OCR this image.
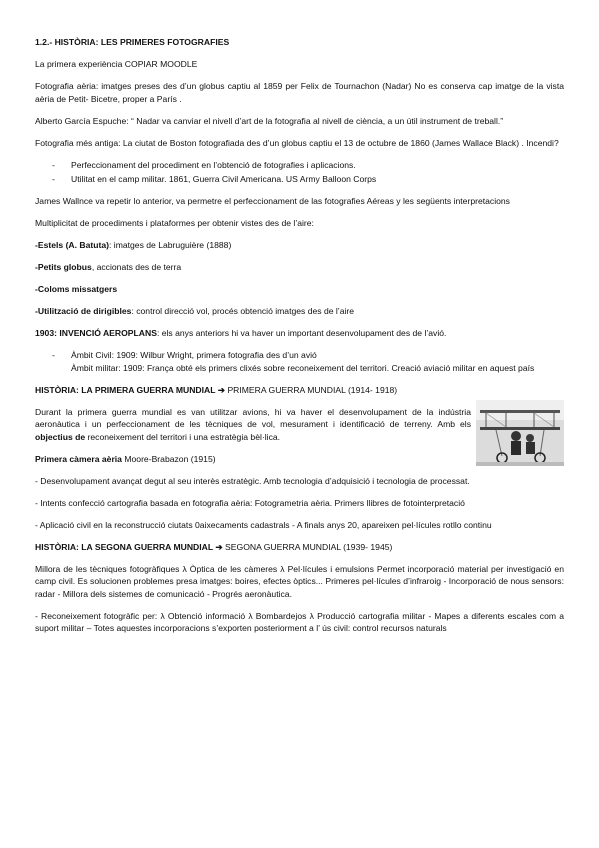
1.2.- HISTÒRIA: LES PRIMERES FOTOGRAFIES

La primera experiència COPIAR MOODLE

Fotografia aèria: imatges preses des d’un globus captiu al 1859 per Felix de Tournachon (Nadar) No es conserva cap imatge de la vista aèria de Petit- Bicetre, proper a París .

Alberto García Espuche: “ Nadar va canviar el nivell d’art de la fotografia al nivell de ciència, a un útil instrument de treball.”

Fotografia més antiga: La ciutat de Boston fotografiada des d’un globus captiu el 13 de octubre de 1860 (James Wallace Black) . Incendi?

- Perfeccionament del procediment en l’obtenció de fotografies i aplicacions.
- Utilitat en el camp militar. 1861, Guerra Civil Americana. US Army Balloon Corps

James Wallnce va repetir lo anterior, va permetre el perfeccionament de las fotografies Aéreas y les següents interpretacions

Multiplicitat de procediments i plataformes per obtenir vistes des de l’aire:

-Estels (A. Batuta): imatges de Labruguière (1888)

-Petits globus, accionats des de terra

-Coloms missatgers

-Utilització de dirigibles: control direcció vol, procés obtenció imatges des de l’aire

1903: INVENCIÓ AEROPLANS: els anys anteriors hi va haver un important desenvolupament des de l’avió.

- Àmbit Civil: 1909: Wilbur Wright, primera fotografia des d’un avió
Àmbit militar: 1909: França obté els primers clixés sobre reconeixement del territori. Creació aviació militar en aquest país

HISTÒRIA: LA PRIMERA GUERRA MUNDIAL ➔ PRIMERA GUERRA MUNDIAL (1914- 1918)

Durant la primera guerra mundial es van utilitzar avions, hi va haver el desenvolupament de la indústria aeronàutica i un perfeccionament de les tècniques de vol, mesurament i identificació de terreny. Amb els objectius de reconeixement del territori i una estratègia bèl·lica.

Primera càmera aèria Moore-Brabazon (1915)

- Desenvolupament avançat degut al seu interès estratègic. Amb tecnologia d’adquisició i tecnologia de processat.

- Intents confecció cartografia basada en fotografia aèria: Fotogrametria aèria. Primers llibres de fotointerpretació

- Aplicació civil en la reconstrucció ciutats 0aixecaments cadastrals - A finals anys 20, apareixen pel·lícules rotllo continu

HISTÒRIA: LA SEGONA GUERRA MUNDIAL ➔ SEGONA GUERRA MUNDIAL (1939- 1945)

Millora de les tècniques fotogràfiques λ Òptica de les càmeres λ Pel·lícules i emulsions Permet incorporació material per investigació en camp civil. Es solucionen problemes presa imatges: boires, efectes òptics... Primeres pel·lícules d’infraroig - Incorporació de nous sensors: radar - Millora dels sistemes de comunicació - Progrés aeronàutica.

- Reconeixement fotogràfic per: λ Obtenció informació λ Bombardejos λ Producció cartografia militar - Mapes a diferents escales com a suport militar – Totes aquestes incorporacions s’exporten posteriorment a l’ ús civil: control recursos naturals
